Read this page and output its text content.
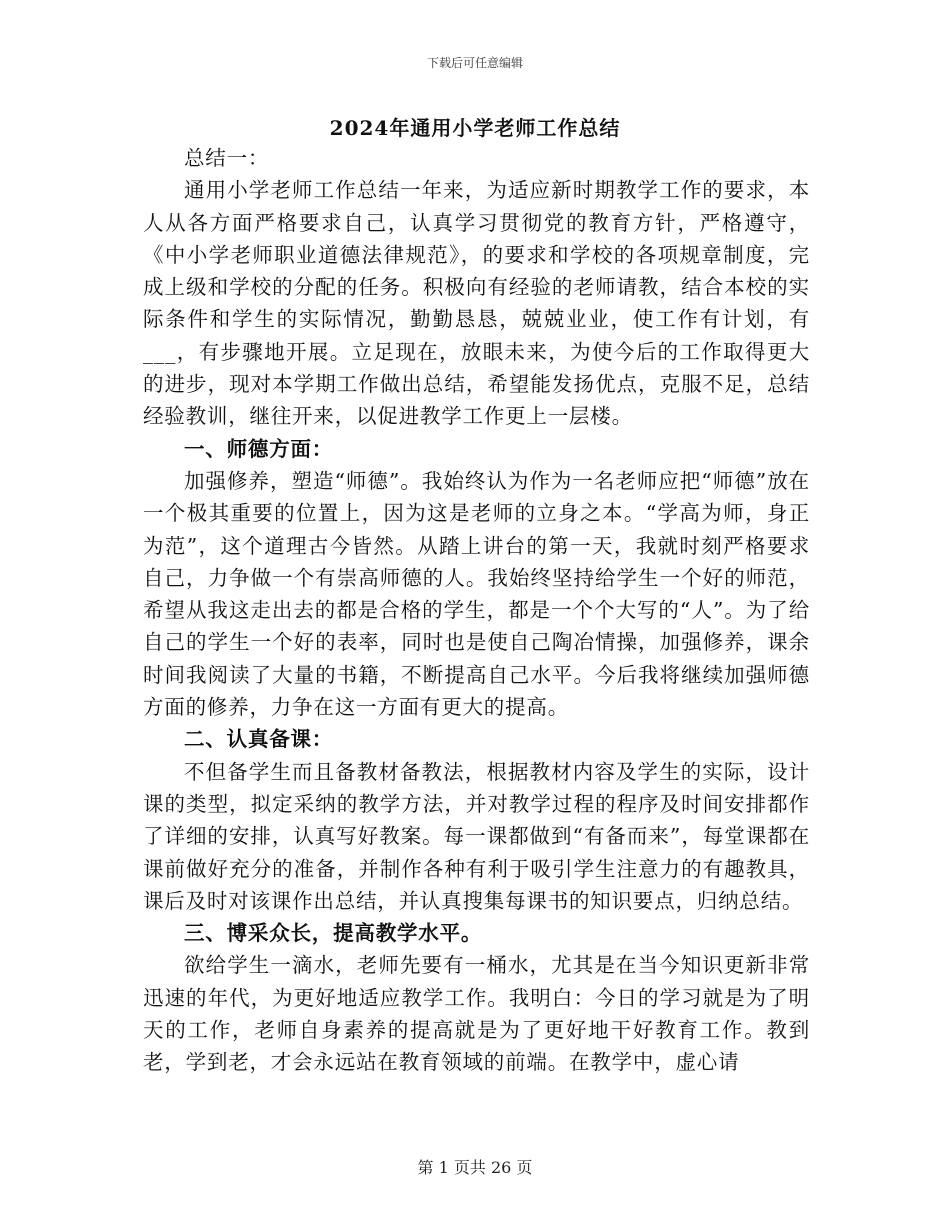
下载后可任意编辑
2024年通用小学老师工作总结

总结一：

通用小学老师工作总结一年来，为适应新时期教学工作的要求，本人从各方面严格要求自己，认真学习贯彻党的教育方针，严格遵守，《中小学老师职业道德法律规范》，的要求和学校的各项规章制度，完成上级和学校的分配的任务。积极向有经验的老师请教，结合本校的实际条件和学生的实际情况，勤勤恳恳，兢兢业业，使工作有计划，有___，有步骤地开展。立足现在，放眼未来，为使今后的工作取得更大的进步，现对本学期工作做出总结，希望能发扬优点，克服不足，总结经验教训，继往开来，以促进教学工作更上一层楼。

一、师德方面：

加强修养，塑造“师德”。我始终认为作为一名老师应把“师德”放在一个极其重要的位置上，因为这是老师的立身之本。“学高为师，身正为范”，这个道理古今皆然。从踏上讲台的第一天，我就时刻严格要求自己，力争做一个有崇高师德的人。我始终坚持给学生一个好的师范，希望从我这走出去的都是合格的学生，都是一个个大写的“人”。为了给自己的学生一个好的表率，同时也是使自己陶冶情操，加强修养，课余时间我阅读了大量的书籍，不断提高自己水平。今后我将继续加强师德方面的修养，力争在这一方面有更大的提高。

二、认真备课：

不但备学生而且备教材备教法，根据教材内容及学生的实际，设计课的类型，拟定采纳的教学方法，并对教学过程的程序及时间安排都作了详细的安排，认真写好教案。每一课都做到“有备而来”，每堂课都在课前做好充分的准备，并制作各种有利于吸引学生注意力的有趣教具，课后及时对该课作出总结，并认真搜集每课书的知识要点，归纳总结。

三、博采众长，提高教学水平。

欲给学生一滴水，老师先要有一桶水，尤其是在当今知识更新非常迅速的年代，为更好地适应教学工作。我明白：今日的学习就是为了明天的工作，老师自身素养的提高就是为了更好地干好教育工作。教到老，学到老，才会永远站在教育领域的前端。在教学中，虚心请

第 1 页共 26 页
